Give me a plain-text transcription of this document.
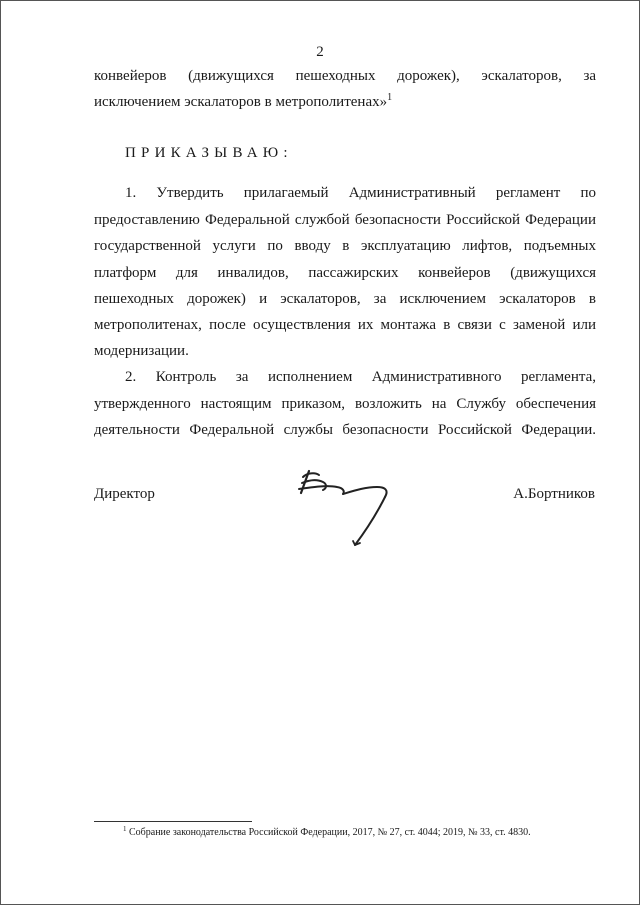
2
конвейеров (движущихся пешеходных дорожек), эскалаторов, за
исключением эскалаторов в метрополитенах»$^1$
ПРИКАЗЫВАЮ:
1. Утвердить прилагаемый Административный регламент по
предоставлению Федеральной службой безопасности Российской Федерации
государственной услуги по вводу в эксплуатацию лифтов, подъемных
платформ для инвалидов, пассажирских конвейеров (движущихся
пешеходных дорожек) и эскалаторов, за исключением эскалаторов в
метрополитенах, после осуществления их монтажа в связи с заменой или
модернизации.
2. Контроль за исполнением Административного регламента,
утвержденного настоящим приказом, возложить на Службу обеспечения
деятельности Федеральной службы безопасности Российской Федерации.
Директор	А.Бортников
$^1$ Собрание законодательства Российской Федерации, 2017, № 27, ст. 4044; 2019, № 33, ст. 4830.
